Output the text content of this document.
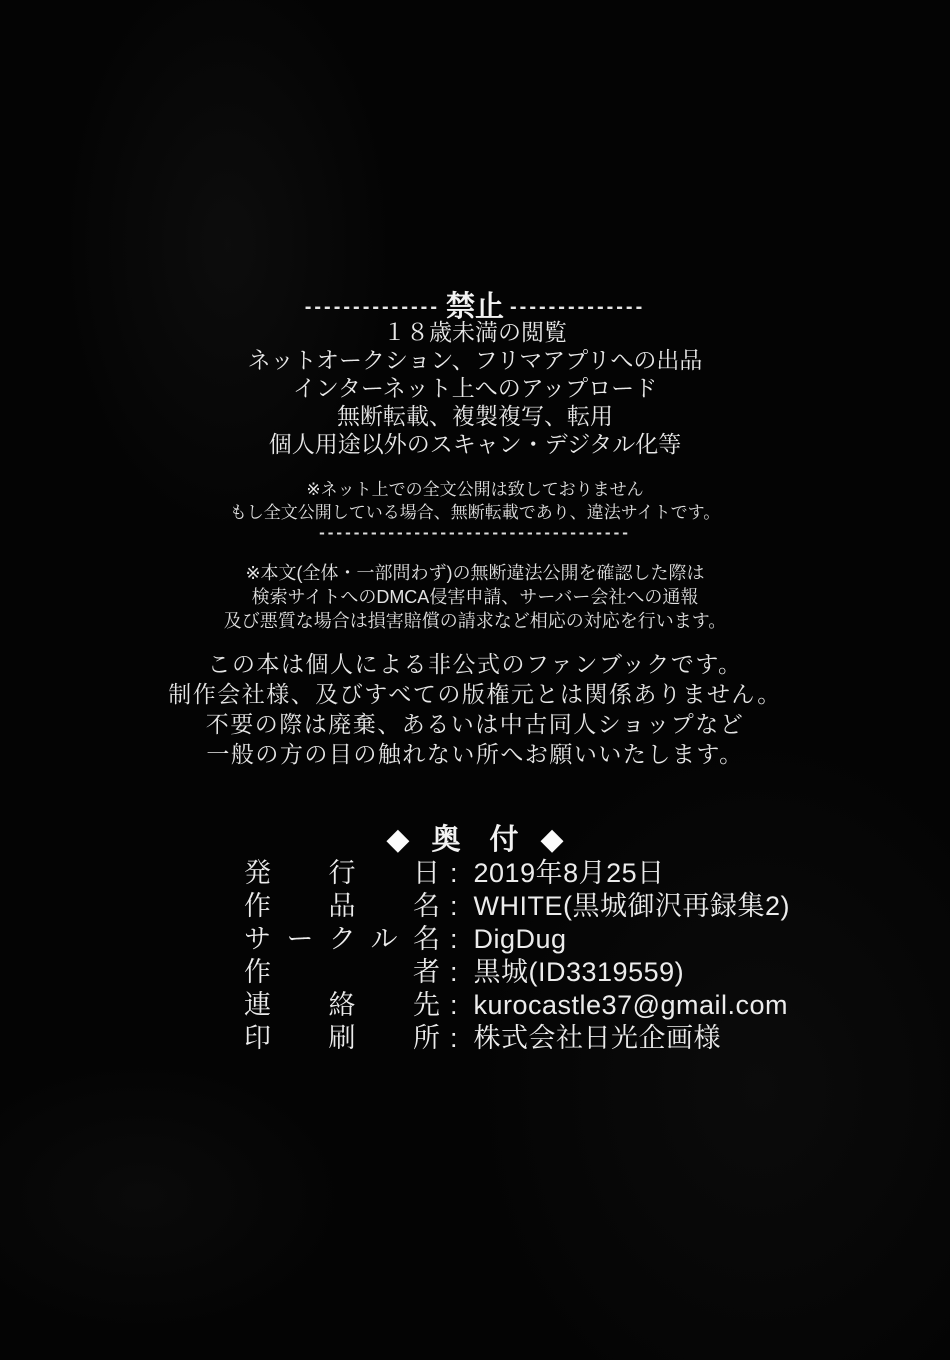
-------------- 禁止 --------------
１８歳未満の閲覧
ネットオークション、フリマアプリへの出品
インターネット上へのアップロード
無断転載、複製複写、転用
個人用途以外のスキャン・デジタル化等
※ネット上での全文公開は致しておりません
もし全文公開している場合、無断転載であり、違法サイトです。
------------------------------------
※本文(全体・一部問わず)の無断違法公開を確認した際は
検索サイトへのDMCA侵害申請、サーバー会社への通報
及び悪質な場合は損害賠償の請求など相応の対応を行います。
この本は個人による非公式のファンブックです。
制作会社様、及びすべての版権元とは関係ありません。
不要の際は廃棄、あるいは中古同人ショップなど
一般の方の目の触れない所へお願いいたします。
◆ 奥　付 ◆
発行日 : 2019年8月25日
作品名 : WHITE(黒城御沢再録集2)
サークル名 : DigDug
作者 : 黒城(ID3319559)
連絡先 : kurocastle37@gmail.com
印刷所 : 株式会社日光企画様
